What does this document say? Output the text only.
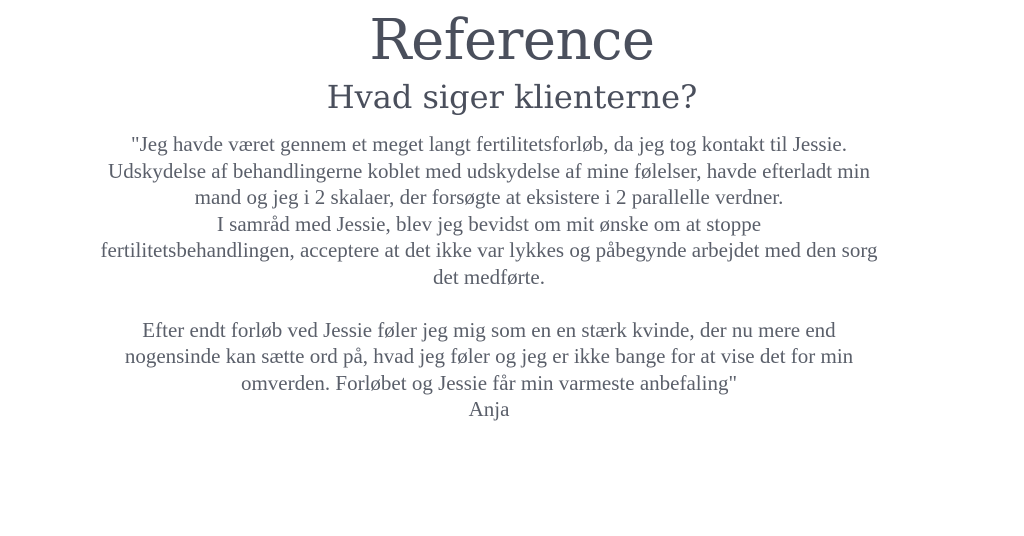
Reference
Hvad siger klienterne?
"Jeg havde været gennem et meget langt fertilitetsforløb, da jeg tog kontakt til Jessie.
Udskydelse af behandlingerne koblet med udskydelse af mine følelser, havde efterladt min
mand og jeg i 2 skalaer, der forsøgte at eksistere i 2 parallelle verdner.
I samråd med Jessie, blev jeg bevidst om mit ønske om at stoppe
fertilitetsbehandlingen, acceptere at det ikke var lykkes og påbegynde arbejdet med den sorg
det medførte.
Efter endt forløb ved Jessie føler jeg mig som en en stærk kvinde, der nu mere end
nogensinde kan sætte ord på, hvad jeg føler og jeg er ikke bange for at vise det for min
omverden. Forløbet og Jessie får min varmeste anbefaling"
Anja
